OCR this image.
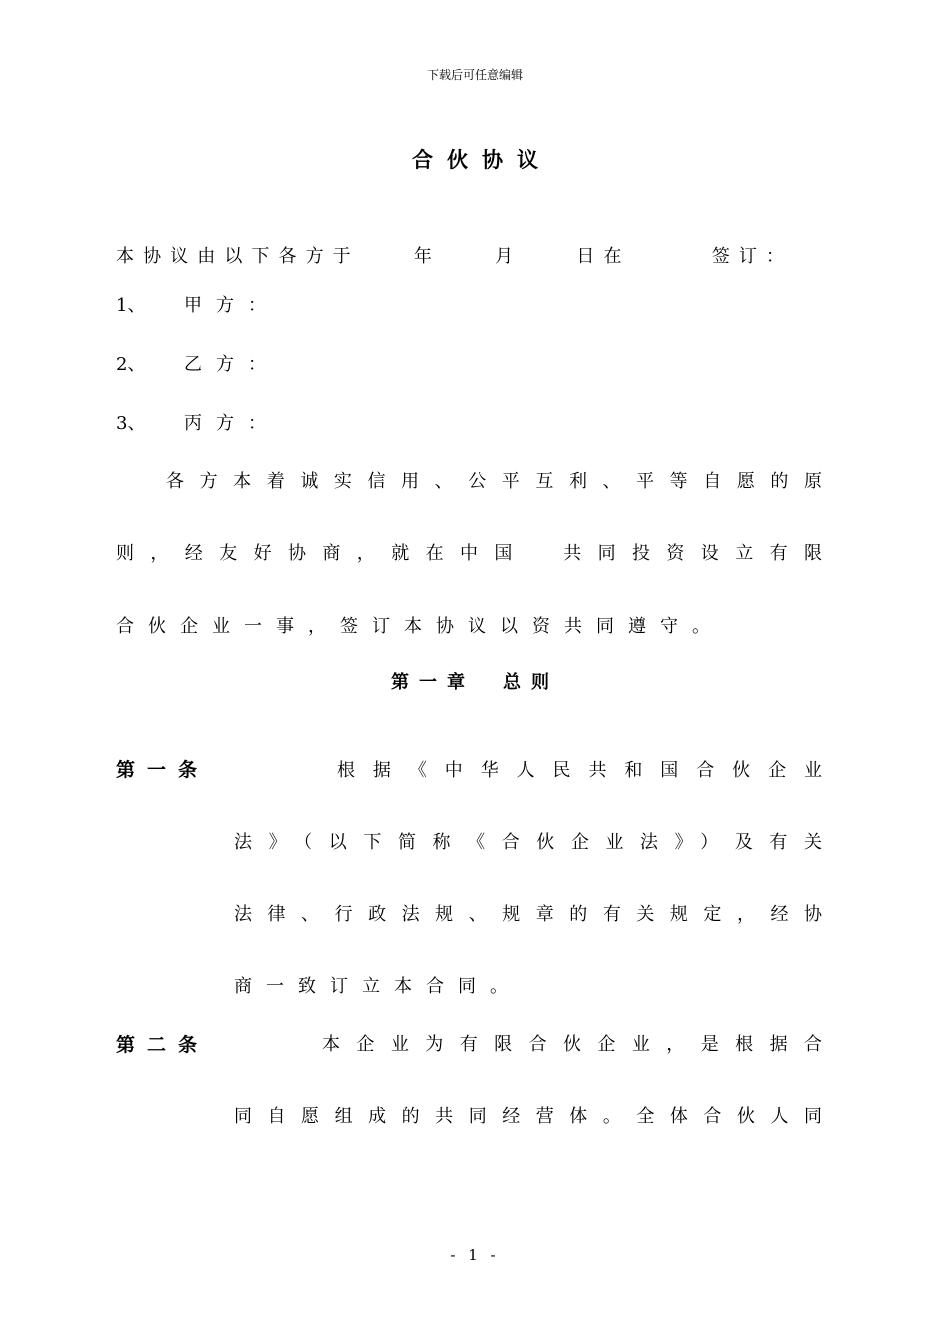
下载后可任意编辑
合伙协议
本协议由以下各方于　　年　　月　　日在　　　签订：
1、 甲方：
2、 乙方：
3、 丙方：
各方本着诚实信用、公平互利、平等自愿的原
则，经友好协商，就在中国　共同投资设立有限
合伙企业一事，签订本协议以资共同遵守。
第一章 总则
第一条	根据《中华人民共和国合伙企业
法》（以下简称《合伙企业法》）及有关
法律、行政法规、规章的有关规定，经协
商一致订立本合同。
第二条	本企业为有限合伙企业，是根据合
同自愿组成的共同经营体。全体合伙人同
- 1 -
